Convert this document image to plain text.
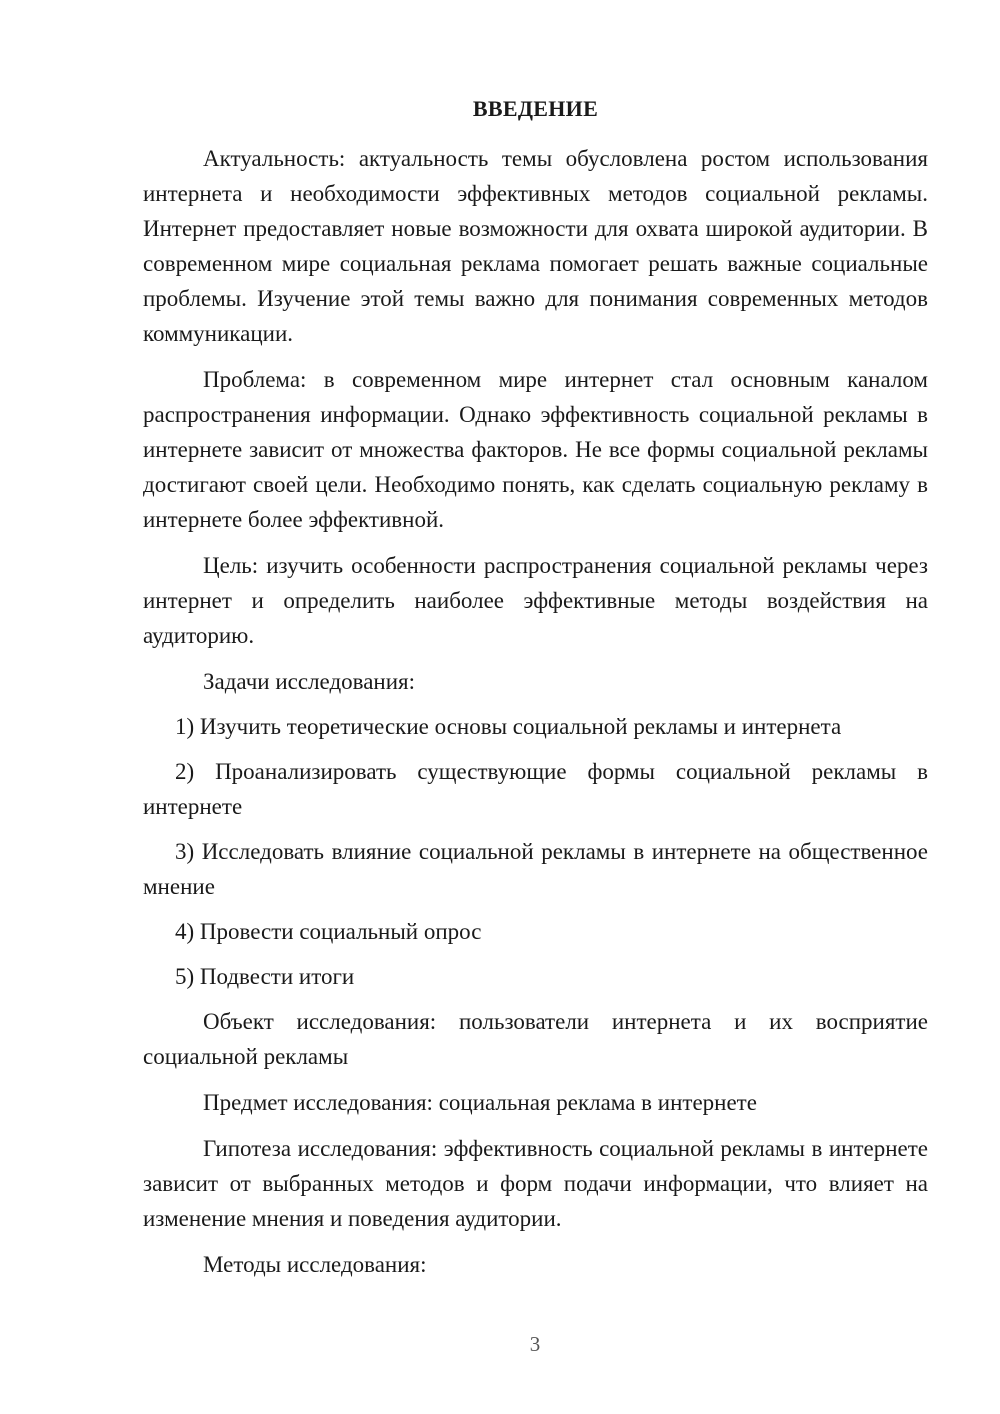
ВВЕДЕНИЕ

Актуальность: актуальность темы обусловлена ростом использования интернета и необходимости эффективных методов социальной рекламы. Интернет предоставляет новые возможности для охвата широкой аудитории. В современном мире социальная реклама помогает решать важные социальные проблемы. Изучение этой темы важно для понимания современных методов коммуникации.

Проблема: в современном мире интернет стал основным каналом распространения информации. Однако эффективность социальной рекламы в интернете зависит от множества факторов. Не все формы социальной рекламы достигают своей цели. Необходимо понять, как сделать социальную рекламу в интернете более эффективной.

Цель: изучить особенности распространения социальной рекламы через интернет и определить наиболее эффективные методы воздействия на аудиторию.

Задачи исследования:

1) Изучить теоретические основы социальной рекламы и интернета

2) Проанализировать существующие формы социальной рекламы в интернете

3) Исследовать влияние социальной рекламы в интернете на общественное мнение

4) Провести социальный опрос

5) Подвести итоги

Объект исследования: пользователи интернета и их восприятие социальной рекламы

Предмет исследования: социальная реклама в интернете

Гипотеза исследования: эффективность социальной рекламы в интернете зависит от выбранных методов и форм подачи информации, что влияет на изменение мнения и поведения аудитории.

Методы исследования:

3
